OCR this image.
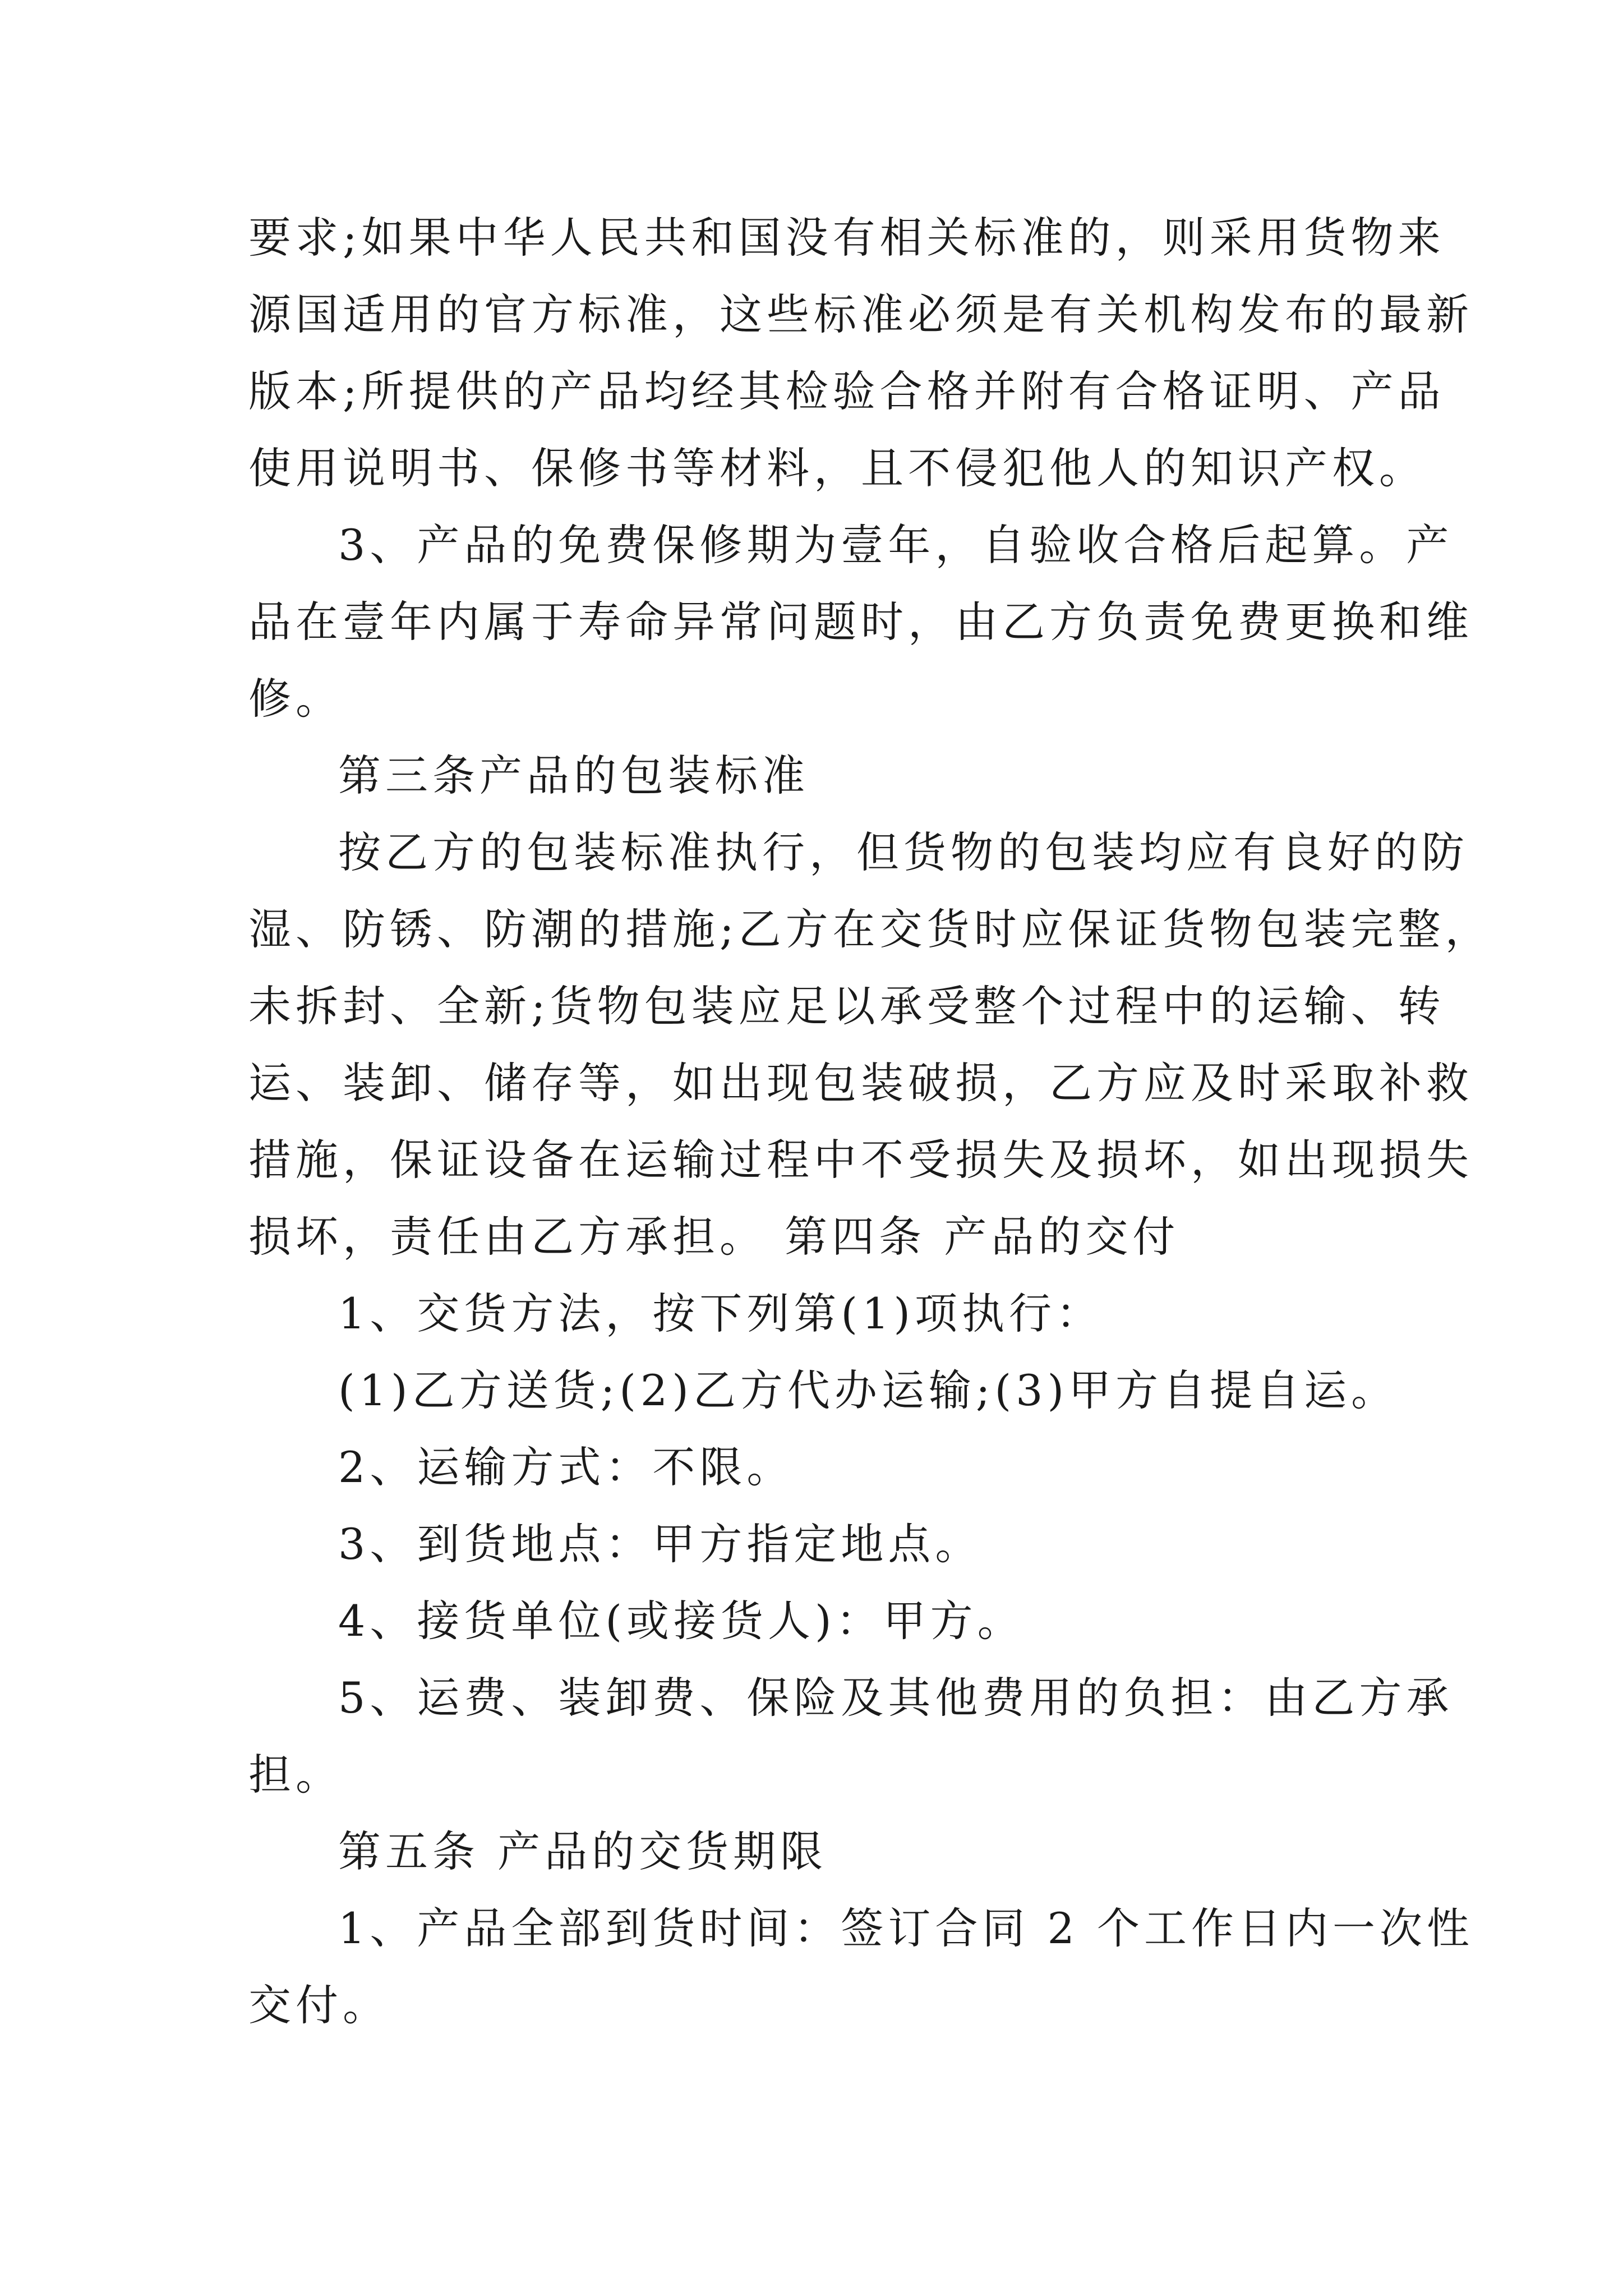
要求;如果中华人民共和国没有相关标准的，则采用货物来
源国适用的官方标准，这些标准必须是有关机构发布的最新
版本;所提供的产品均经其检验合格并附有合格证明、产品
使用说明书、保修书等材料，且不侵犯他人的知识产权。
3、产品的免费保修期为壹年，自验收合格后起算。产
品在壹年内属于寿命异常问题时，由乙方负责免费更换和维
修。
第三条产品的包装标准
按乙方的包装标准执行，但货物的包装均应有良好的防
湿、防锈、防潮的措施;乙方在交货时应保证货物包装完整，
未拆封、全新;货物包装应足以承受整个过程中的运输、转
运、装卸、储存等，如出现包装破损，乙方应及时采取补救
措施，保证设备在运输过程中不受损失及损坏，如出现损失
损坏，责任由乙方承担。 第四条 产品的交付
1、交货方法，按下列第(1)项执行：
(1)乙方送货;(2)乙方代办运输;(3)甲方自提自运。
2、运输方式：不限。
3、到货地点：甲方指定地点。
4、接货单位(或接货人)：甲方。
5、运费、装卸费、保险及其他费用的负担：由乙方承
担。
第五条 产品的交货期限
1、产品全部到货时间：签订合同 2 个工作日内一次性
交付。
